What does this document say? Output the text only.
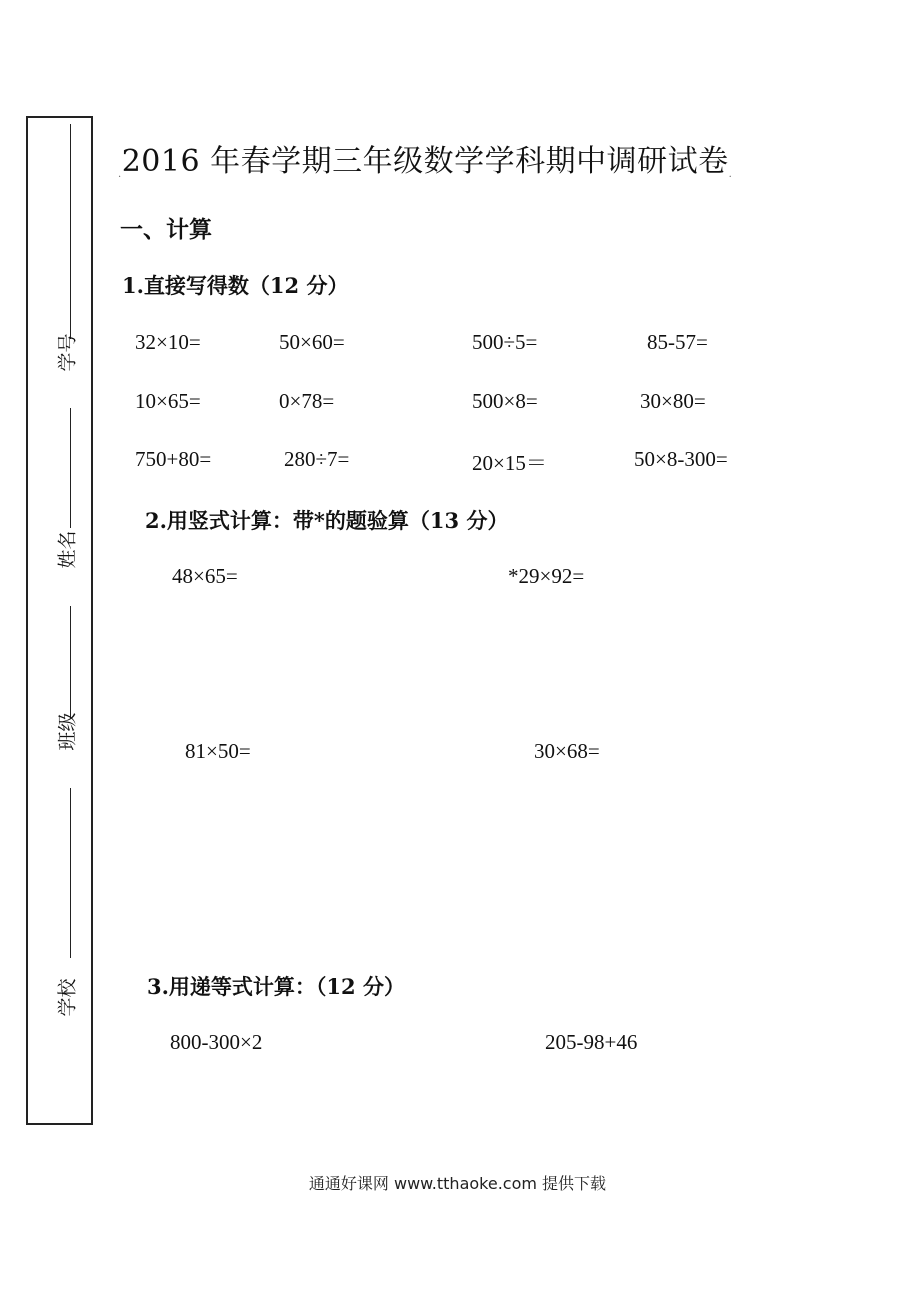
学号
姓名
班级
学校
.2016 年春学期三年级数学学科期中调研试卷.
一、计算
1.直接写得数（12 分）
32×10=	50×60=	500÷5=	85-57=
10×65=	0×78=	500×8=	30×80=
750+80=	280÷7=	20×15＝	50×8-300=
2.用竖式计算：带*的题验算（13 分）
48×65=	*29×92=
81×50=	30×68=
3.用递等式计算：（12 分）
800-300×2	205-98+46
通通好课网 www.tthaoke.com 提供下载
